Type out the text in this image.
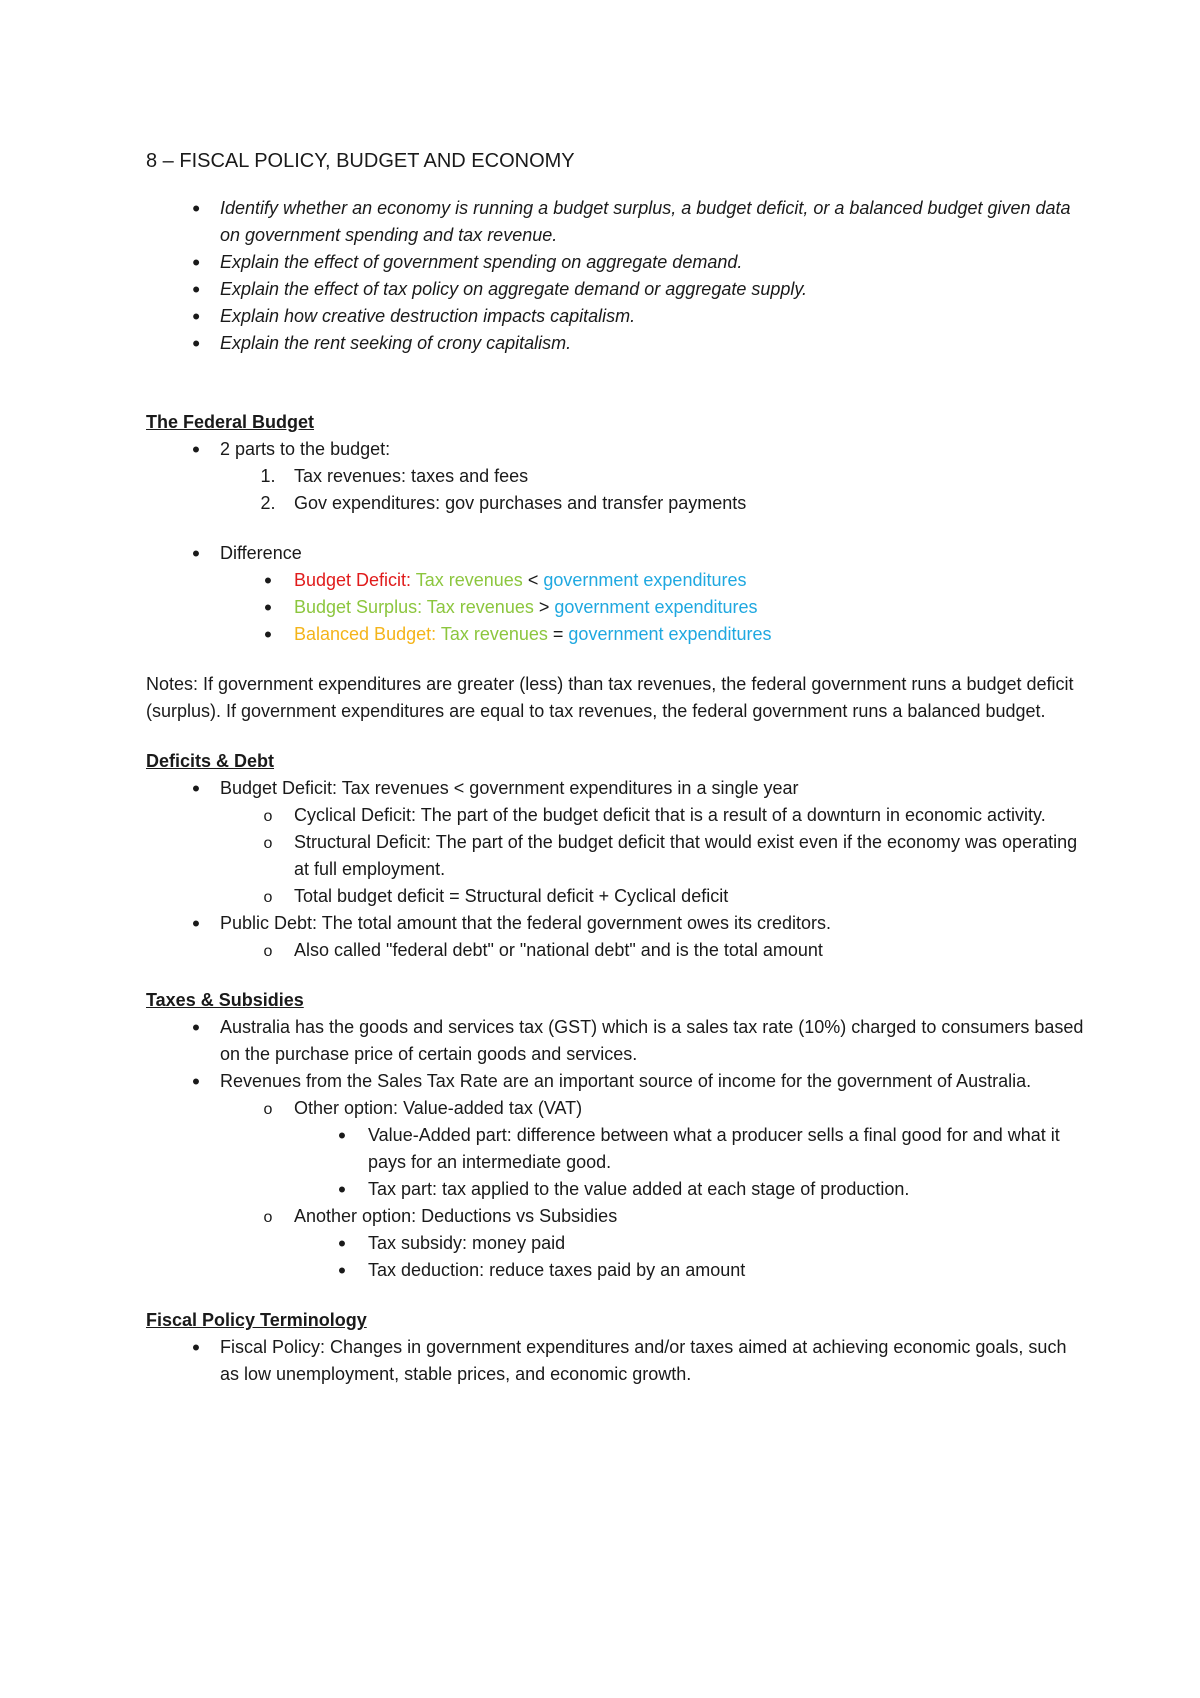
8 – FISCAL POLICY, BUDGET AND ECONOMY
•
Identify whether an economy is running a budget surplus, a budget deficit, or a balanced budget given data on government spending and tax revenue.
•
Explain the effect of government spending on aggregate demand.
•
Explain the effect of tax policy on aggregate demand or aggregate supply.
•
Explain how creative destruction impacts capitalism.
•
Explain the rent seeking of crony capitalism.

The Federal Budget

•
2 parts to the budget:
1. Tax revenues: taxes and fees
2. Gov expenditures: gov purchases and transfer payments
•
Difference
•
Budget Deficit: Tax revenues < government expenditures
•
Budget Surplus: Tax revenues > government expenditures
•
Balanced Budget: Tax revenues = government expenditures

Notes: If government expenditures are greater (less) than tax revenues, the federal government runs a budget deficit (surplus). If government expenditures are equal to tax revenues, the federal government runs a balanced budget.

Deficits & Debt

•
Budget Deficit: Tax revenues < government expenditures in a single year
o
Cyclical Deficit: The part of the budget deficit that is a result of a downturn in economic activity.
o
Structural Deficit: The part of the budget deficit that would exist even if the economy was operating at full employment.
o
Total budget deficit = Structural deficit + Cyclical deficit
•
Public Debt: The total amount that the federal government owes its creditors.
o
Also called "federal debt" or "national debt" and is the total amount

Taxes & Subsidies

•
Australia has the goods and services tax (GST) which is a sales tax rate (10%) charged to consumers based on the purchase price of certain goods and services.
•
Revenues from the Sales Tax Rate are an important source of income for the government of Australia.
o
Other option: Value-added tax (VAT)
•
Value-Added part: difference between what a producer sells a final good for and what it pays for an intermediate good.
•
Tax part: tax applied to the value added at each stage of production.
o
Another option: Deductions vs Subsidies
•
Tax subsidy: money paid
•
Tax deduction: reduce taxes paid by an amount

Fiscal Policy Terminology

•
Fiscal Policy: Changes in government expenditures and/or taxes aimed at achieving economic goals, such as low unemployment, stable prices, and economic growth.
